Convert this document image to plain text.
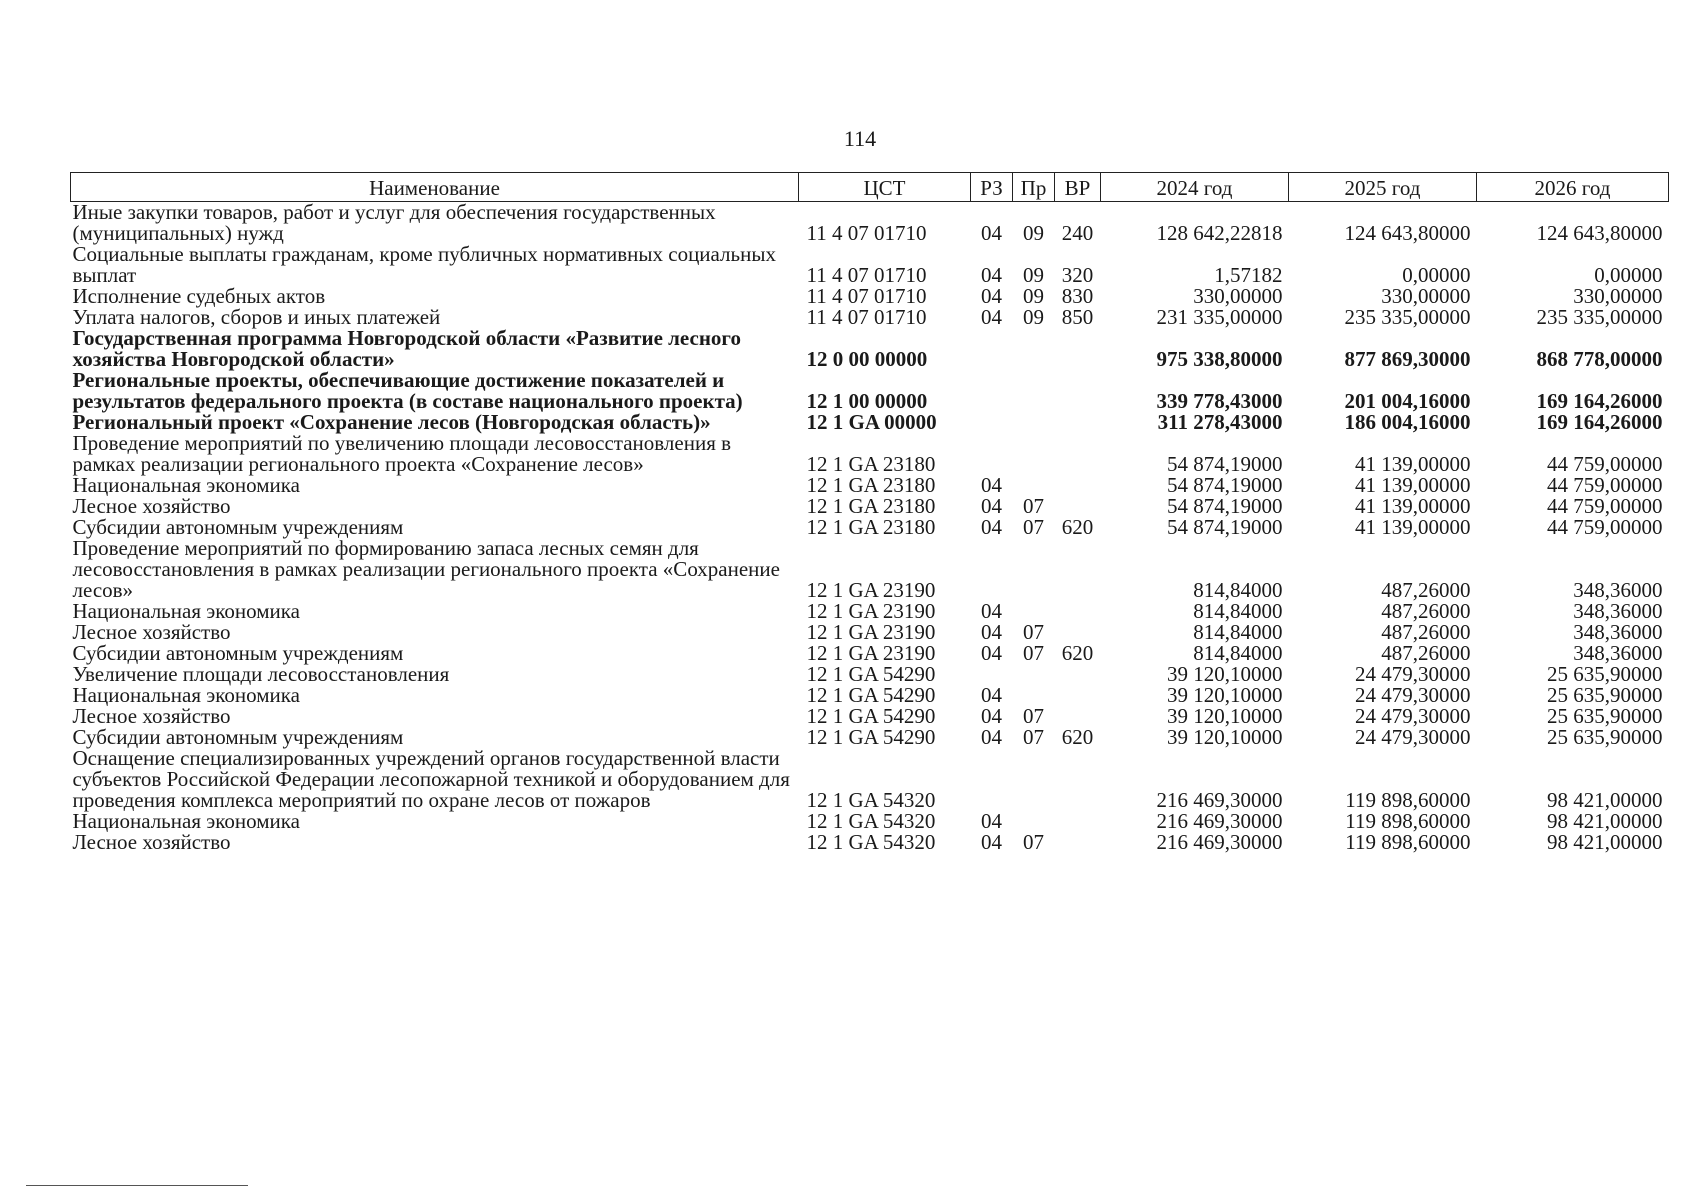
114
Наименование	ЦСТ	РЗ	Пр	ВР	2024 год	2025 год	2026 год
Иные закупки товаров, работ и услуг для обеспечения государственных (муниципальных) нужд	11 4 07 01710	04	09	240	128 642,22818	124 643,80000	124 643,80000
Социальные выплаты гражданам, кроме публичных нормативных социальных выплат	11 4 07 01710	04	09	320	1,57182	0,00000	0,00000
Исполнение судебных актов	11 4 07 01710	04	09	830	330,00000	330,00000	330,00000
Уплата налогов, сборов и иных платежей	11 4 07 01710	04	09	850	231 335,00000	235 335,00000	235 335,00000
Государственная программа Новгородской области «Развитие лесного хозяйства Новгородской области»	12 0 00 00000				975 338,80000	877 869,30000	868 778,00000
Региональные проекты, обеспечивающие достижение показателей и результатов федерального проекта (в составе национального проекта)	12 1 00 00000				339 778,43000	201 004,16000	169 164,26000
Региональный проект «Сохранение лесов (Новгородская область)»	12 1 GA 00000				311 278,43000	186 004,16000	169 164,26000
Проведение мероприятий по увеличению площади лесовосстановления в рамках реализации регионального проекта «Сохранение лесов»	12 1 GA 23180				54 874,19000	41 139,00000	44 759,00000
Национальная экономика	12 1 GA 23180	04			54 874,19000	41 139,00000	44 759,00000
Лесное хозяйство	12 1 GA 23180	04	07		54 874,19000	41 139,00000	44 759,00000
Субсидии автономным учреждениям	12 1 GA 23180	04	07	620	54 874,19000	41 139,00000	44 759,00000
Проведение мероприятий по формированию запаса лесных семян для лесовосстановления в рамках реализации регионального проекта «Сохранение лесов»	12 1 GA 23190				814,84000	487,26000	348,36000
Национальная экономика	12 1 GA 23190	04			814,84000	487,26000	348,36000
Лесное хозяйство	12 1 GA 23190	04	07		814,84000	487,26000	348,36000
Субсидии автономным учреждениям	12 1 GA 23190	04	07	620	814,84000	487,26000	348,36000
Увеличение площади лесовосстановления	12 1 GA 54290				39 120,10000	24 479,30000	25 635,90000
Национальная экономика	12 1 GA 54290	04			39 120,10000	24 479,30000	25 635,90000
Лесное хозяйство	12 1 GA 54290	04	07		39 120,10000	24 479,30000	25 635,90000
Субсидии автономным учреждениям	12 1 GA 54290	04	07	620	39 120,10000	24 479,30000	25 635,90000
Оснащение специализированных учреждений органов государственной власти субъектов Российской Федерации лесопожарной техникой и оборудованием для проведения комплекса мероприятий по охране лесов от пожаров	12 1 GA 54320				216 469,30000	119 898,60000	98 421,00000
Национальная экономика	12 1 GA 54320	04			216 469,30000	119 898,60000	98 421,00000
Лесное хозяйство	12 1 GA 54320	04	07		216 469,30000	119 898,60000	98 421,00000
